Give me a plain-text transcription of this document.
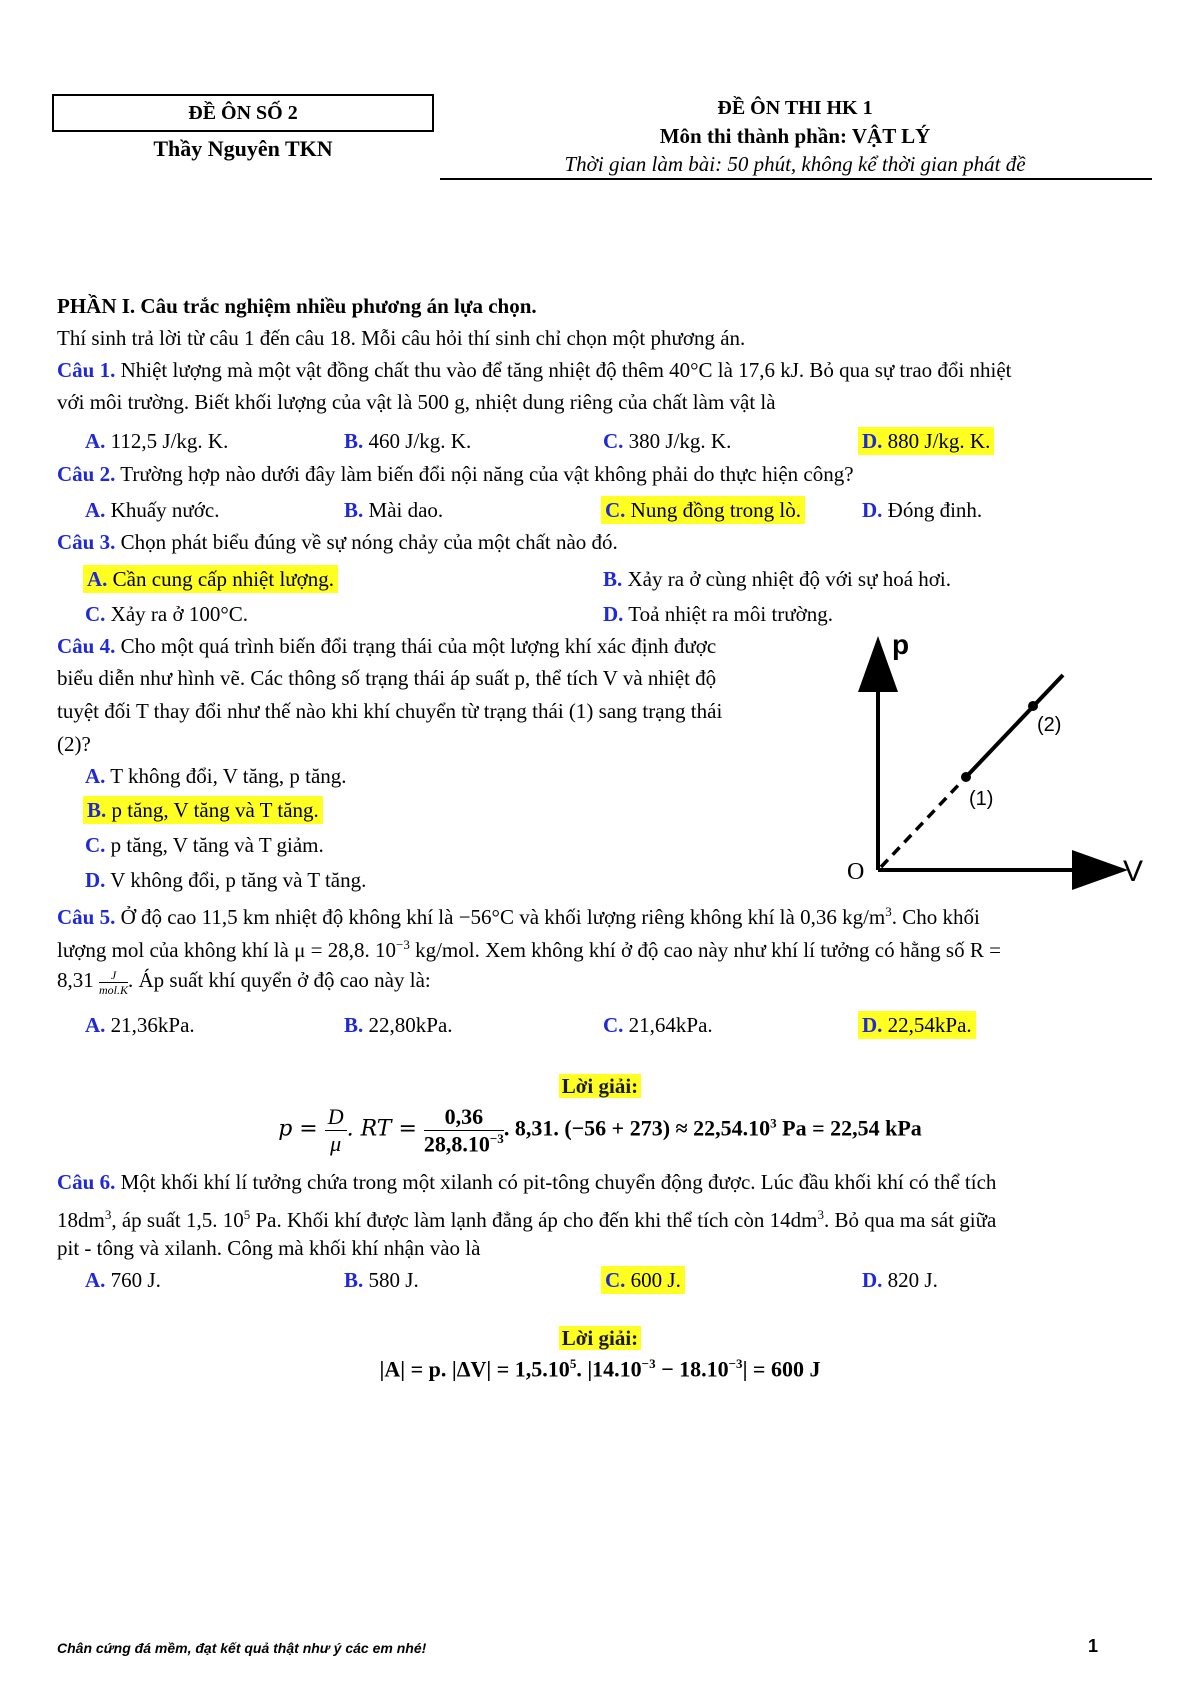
ĐỀ ÔN SỐ 2
Thầy Nguyên TKN
ĐỀ ÔN THI HK 1
Môn thi thành phần: VẬT LÝ
Thời gian làm bài: 50 phút, không kể thời gian phát đề
PHẦN I. Câu trắc nghiệm nhiều phương án lựa chọn.
Thí sinh trả lời từ câu 1 đến câu 18. Mỗi câu hỏi thí sinh chỉ chọn một phương án.
Câu 1. Nhiệt lượng mà một vật đồng chất thu vào để tăng nhiệt độ thêm 40°C là 17,6 kJ. Bỏ qua sự trao đổi nhiệt
với môi trường. Biết khối lượng của vật là 500 g, nhiệt dung riêng của chất làm vật là
A. 112,5 J/kg. K.	B. 460 J/kg. K.	C. 380 J/kg. K.	D. 880 J/kg. K.
Câu 2. Trường hợp nào dưới đây làm biến đổi nội năng của vật không phải do thực hiện công?
A. Khuấy nước.	B. Mài dao.	C. Nung đồng trong lò.	D. Đóng đinh.
Câu 3. Chọn phát biểu đúng về sự nóng chảy của một chất nào đó.
A. Cần cung cấp nhiệt lượng.	B. Xảy ra ở cùng nhiệt độ với sự hoá hơi.
C. Xảy ra ở 100°C.	D. Toả nhiệt ra môi trường.
Câu 4. Cho một quá trình biến đổi trạng thái của một lượng khí xác định được
biểu diễn như hình vẽ. Các thông số trạng thái áp suất p, thể tích V và nhiệt độ
tuyệt đối T thay đổi như thế nào khi khí chuyển từ trạng thái (1) sang trạng thái
(2)?
A. T không đổi, V tăng, p tăng.
B. p tăng, V tăng và T tăng.
C. p tăng, V tăng và T giảm.
D. V không đổi, p tăng và T tăng.
p
V
O
(1)
(2)
Câu 5. Ở độ cao 11,5 km nhiệt độ không khí là −56°C và khối lượng riêng không khí là 0,36 $kg/m^3$. Cho khối
lượng mol của không khí là μ = 28,8. $10^{-3}$ kg/mol. Xem không khí ở độ cao này như khí lí tưởng có hằng số R =
8,31 J
mol.K . Áp suất khí quyển ở độ cao này là:
A. 21,36kPa.	B. 22,80kPa.	C. 21,64kPa.	D. 22,54kPa.
Lời giải:
$p = \frac{D}{\mu}$ . RT = $\frac{0,36}{28,8.10^{-3}}$ . 8,31. $(-56 + 273) \approx 22,54.10^3$ Pa = 22,54 kPa
Câu 6. Một khối khí lí tưởng chứa trong một xilanh có pit-tông chuyển động được. Lúc đầu khối khí có thể tích
$18dm^3$, áp suất 1,5. $10^5$ Pa. Khối khí được làm lạnh đẳng áp cho đến khi thể tích còn $14dm^3$. Bỏ qua ma sát giữa
pit - tông và xilanh. Công mà khối khí nhận vào là
A. 760 J.	B. 580 J.	C. 600 J.	D. 820 J.
Lời giải:
|A| = p. $|\Delta V| = 1,5.10^5$. $|14.10^{-3} - 18.10^{-3}| = 600$ J
Chân cứng đá mềm, đạt kết quả thật như ý các em nhé!	1
